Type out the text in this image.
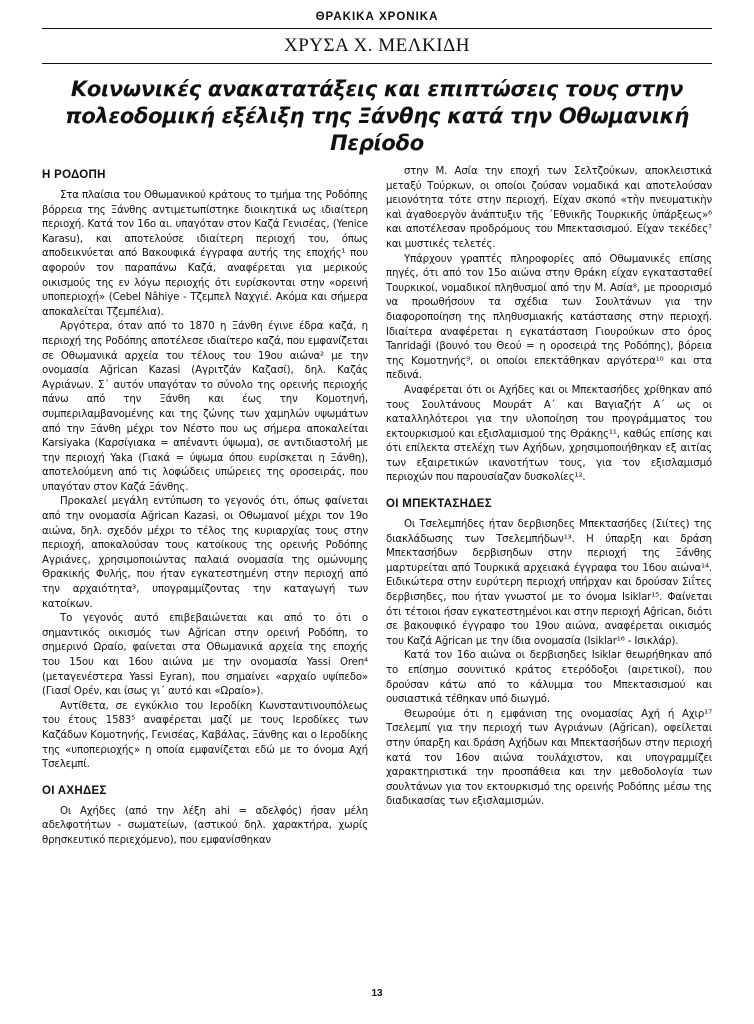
ΘΡΑΚΙΚΑ ΧΡΟΝΙΚΑ
ΧΡΥΣΑ Χ. ΜΕΛΚΙΔΗ
Κοινωνικές ανακατατάξεις και επιπτώσεις τους στην πολεοδομική εξέλιξη της Ξάνθης κατά την Οθωμανική Περίοδο
Η ΡΟΔΟΠΗ

Στα πλαίσια του Οθωμανικού κράτους το τμήμα της Ροδόπης βόρρεια της Ξάνθης αντιμετωπίστηκε διοικητικά ως ιδιαίτερη περιοχή. Κατά τον 16ο αι. υπαγόταν στον Καζά Γενισέας, (Yenice Karasu), και αποτελούσε ιδιαίτερη περιοχή του, όπως αποδεικνύεται από Βακουφικά έγγραφα αυτής της εποχής¹ που αφορούν τον παραπάνω Καζά, αναφέρεται για μερικούς οικισμούς της εν λόγω περιοχής ότι ευρίσκονται στην «ορεινή υποπεριοχή» (Cebel Nâhiye - Τζεμπελ Ναχγιέ. Ακόμα και σήμερα αποκαλείται Τζεμπέλια).

Αργότερα, όταν από το 1870 η Ξάνθη έγινε έδρα καζά, η περιοχή της Ροδόπης αποτέλεσε ιδιαίτερο καζά, που εμφανίζεται σε Οθωμανικά αρχεία του τέλους του 19ου αιώνα² με την ονομασία Ağrican Kazasi (Αγριτζάν Καζασί), δηλ. Καζάς Αγριάνων. Σ΄ αυτόν υπαγόταν το σύνολο της ορεινής περιοχής πάνω από την Ξάνθη και έως την Κομοτηνή, συμπεριλαμβανομένης και της ζώνης των χαμηλών υψωμάτων από την Ξάνθη μέχρι τον Νέστο που ως σήμερα αποκαλείται Karsiyaka (Καρσίγιακα = απέναντι ύψωμα), σε αντιδιαστολή με την περιοχή Yaka (Γιακά = ύψωμα όπου ευρίσκεται η Ξάνθη), αποτελούμενη από τις λοφώδεις υπώρειες της οροσειράς, που υπαγόταν στον Καζά Ξάνθης.

Προκαλεί μεγάλη εντύπωση το γεγονός ότι, όπως φαίνεται από την ονομασία Ağrican Kazasi, οι Οθωμανοί μέχρι τον 19ο αιώνα, δηλ. σχεδόν μέχρι το τέλος της κυριαρχίας τους στην περιοχή, αποκαλούσαν τους κατοίκους της ορεινής Ροδόπης Αγριάνες, χρησιμοποιώντας παλαιά ονομασία της ομώνυμης Θρακικής Φυλής, που ήταν εγκατεστημένη στην περιοχή από την αρχαιότητα³, υπογραμμίζοντας την καταγωγή των κατοίκων.

Το γεγονός αυτό επιβεβαιώνεται και από το ότι ο σημαντικός οικισμός των Ağrican στην ορεινή Ροδόπη, το σημερινό Ωραίο, φαίνεται στα Οθωμανικά αρχεία της εποχής του 15ου και 16ου αιώνα με την ονομασία Yassi Oren⁴ (μεταγενέστερα Yassi Eyran), που σημαίνει «αρχαίο υψίπεδο» (Γιασί Ορέν, και ίσως γι΄ αυτό και «Ωραίο»).

Αντίθετα, σε εγκύκλιο του Ιεροδίκη Κωνσταντινουπόλεως του έτους 1583⁵ αναφέρεται μαζί με τους Ιεροδίκες των Καζάδων Κομοτηνής, Γενισέας, Καβάλας, Ξάνθης και ο Ιεροδίκης της «υποπεριοχής» η οποία εμφανίζεται εδώ με το όνομα Αχή Τσελεμπί.

ΟΙ ΑΧΗΔΕΣ

Οι Αχήδες (από την λέξη ahi = αδελφός) ήσαν μέλη αδελφοτήτων - σωματείων, (αστικού δηλ. χαρακτήρα, χωρίς θρησκευτικό περιεχόμενο), που εμφανίσθηκαν

στην Μ. Ασία την εποχή των Σελτζούκων, αποκλειστικά μεταξύ Τούρκων, οι οποίοι ζούσαν νομαδικά και αποτελούσαν μειονότητα τότε στην περιοχή. Είχαν σκοπό «τὴν πνευματικὴν καὶ ἀγαθοεργὸν ἀνάπτυξιν τῆς ΄Εθνικῆς Τουρκικῆς ὑπάρξεως»⁶ και αποτέλεσαν προδρόμους του Μπεκτασισμού. Είχαν τεκέδες⁷ και μυστικές τελετές.

Υπάρχουν γραπτές πληροφορίες από Οθωμανικές επίσης πηγές, ότι από τον 15ο αιώνα στην Θράκη είχαν εγκατασταθεί Τουρκικοί, νομαδικοί πληθυσμοί από την Μ. Ασία⁸, με προορισμό να προωθήσουν τα σχέδια των Σουλτάνων για την διαφοροποίηση της πληθυσμιακής κατάστασης στην περιοχή. Ιδιαίτερα αναφέρεται η εγκατάσταση Γιουρούκων στο όρος Tanridaği (βουνό του Θεού = η οροσειρά της Ροδόπης), βόρεια της Κομοτηνής⁹, οι οποίοι επεκτάθηκαν αργότερα¹⁰ και στα πεδινά.

Αναφέρεται ότι οι Αχήδες και οι Μπεκτασήδες χρίθηκαν από τους Σουλτάνους Μουράτ Α΄ και Βαγιαζήτ Α΄ ως οι καταλληλότεροι για την υλοποίηση του προγράμματος του εκτουρκισμού και εξισλαμισμού της Θράκης¹¹, καθώς επίσης και ότι επίλεκτα στελέχη των Αχήδων, χρησιμοποιήθηκαν εξ αιτίας των εξαιρετικών ικανοτήτων τους, για τον εξισλαμισμό περιοχών που παρουσίαζαν δυσκολίες¹².

ΟΙ ΜΠΕΚΤΑΣΗΔΕΣ

Οι Τσελεμπήδες ήταν δερβισηδες Μπεκτασήδες (Σιίτες) της διακλάδωσης των Τσελεμπήδων¹³. Η ύπαρξη και δράση Μπεκτασήδων δερβισηδων στην περιοχή της Ξάνθης μαρτυρείται από Τουρκικά αρχειακά έγγραφα του 16ου αιώνα¹⁴. Ειδικώτερα στην ευρύτερη περιοχή υπήρχαν και δρούσαν Σιΐτες δερβισηδες, που ήταν γνωστοί με το όνομα Isiklar¹⁵. Φαίνεται ότι τέτοιοι ήσαν εγκατεστημένοι και στην περιοχή Ağrican, διότι σε βακουφικό έγγραφο του 19ου αιώνα, αναφέρεται οικισμός του Καζά Ağrican με την ίδια ονομασία (Isiklar¹⁶ - Ισικλάρ).

Κατά τον 16ο αιώνα οι δερβισηδες Isiklar θεωρήθηκαν από το επίσημο σουνιτικό κράτος ετερόδοξοι (αιρετικοί), που δρούσαν κάτω από το κάλυμμα του Μπεκτασισμού και ουσιαστικά τέθηκαν υπό διωγμό.

Θεωρούμε ότι η εμφάνιση της ονομασίας Αχή ή Αχιρ¹⁷ Τσελεμπί για την περιοχή των Αγριάνων (Ağrican), οφείλεται στην ύπαρξη και δράση Αχήδων και Μπεκτασήδων στην περιοχή κατά τον 16ον αιώνα τουλάχιστον, και υπογραμμίζει χαρακτηριστικά την προσπάθεια και την μεθοδολογία των σουλτάνων για τον εκτουρκισμό της ορεινής Ροδόπης μέσω της διαδικασίας των εξισλαμισμών.

13
